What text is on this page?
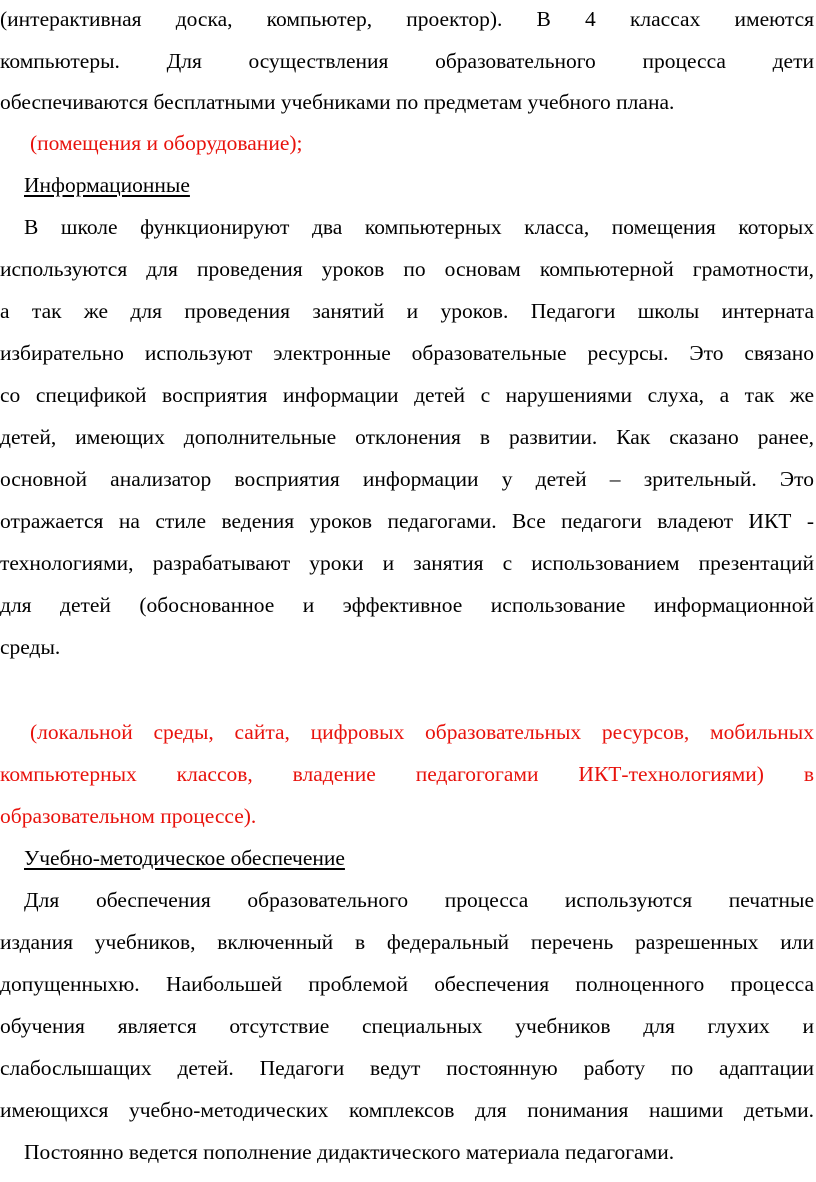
(интерактивная доска, компьютер, проектор). В 4 классах имеются
компьютеры. Для осуществления образовательного процесса дети
обеспечиваются бесплатными учебниками по предметам учебного плана.
(помещения и оборудование);
Информационные
В школе функционируют два компьютерных класса, помещения которых
используются для проведения уроков по основам компьютерной грамотности,
а так же для проведения занятий и уроков. Педагоги школы интерната
избирательно используют электронные образовательные ресурсы. Это связано
со спецификой восприятия информации детей с нарушениями слуха, а так же
детей, имеющих дополнительные отклонения в развитии. Как сказано ранее,
основной анализатор восприятия информации у детей – зрительный. Это
отражается на стиле ведения уроков педагогами. Все педагоги владеют ИКТ -
технологиями, разрабатывают уроки и занятия с использованием презентаций
для детей (обоснованное и эффективное использование информационной
среды.
(локальной среды, сайта, цифровых образовательных ресурсов, мобильных
компьютерных классов, владение педагогогами ИКТ-технологиями) в
образовательном процессе).
Учебно-методическое обеспечение
Для обеспечения образовательного процесса используются печатные
издания учебников, включенный в федеральный перечень разрешенных или
допущенныхю. Наибольшей проблемой обеспечения полноценного процесса
обучения является отсутствие специальных учебников для глухих и
слабослышащих детей. Педагоги ведут постоянную работу по адаптации
имеющихся учебно-методических комплексов для понимания нашими детьми.
Постоянно ведется пополнение дидактического материала педагогами.
